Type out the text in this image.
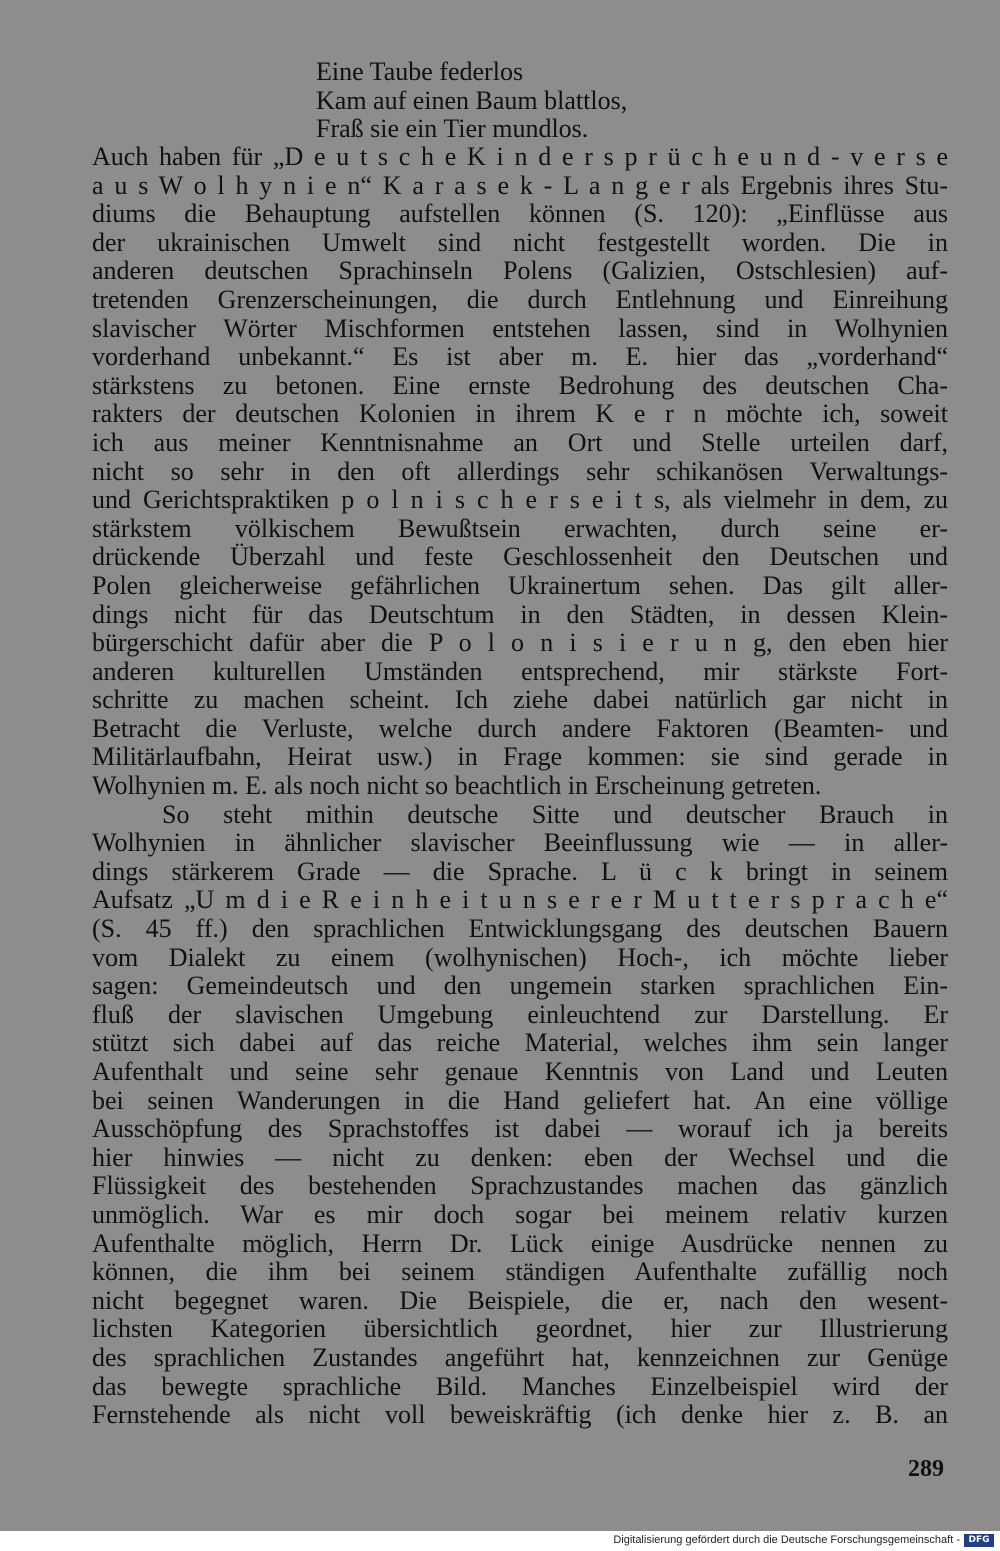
Eine Taube federlos
Kam auf einen Baum blattlos,
Fraß sie ein Tier mundlos.
Auch haben für „D e u t s c h e K i n d e r s p r ü c h e u n d - v e r s e
a u s W o l h y n i e n“ K a r a s e k - L a n g e r als Ergebnis ihres Stu-
diums die Behauptung aufstellen können (S. 120): „Einflüsse aus
der ukrainischen Umwelt sind nicht festgestellt worden. Die in
anderen deutschen Sprachinseln Polens (Galizien, Ostschlesien) auf-
tretenden Grenzerscheinungen, die durch Entlehnung und Einreihung
slavischer Wörter Mischformen entstehen lassen, sind in Wolhynien
vorderhand unbekannt.“ Es ist aber m. E. hier das „vorderhand“
stärkstens zu betonen. Eine ernste Bedrohung des deutschen Cha-
rakters der deutschen Kolonien in ihrem K e r n möchte ich, soweit
ich aus meiner Kenntnisnahme an Ort und Stelle urteilen darf,
nicht so sehr in den oft allerdings sehr schikanösen Verwaltungs-
und Gerichtspraktiken p o l n i s c h e r s e i t s, als vielmehr in dem, zu
stärkstem völkischem Bewußtsein erwachten, durch seine er-
drückende Überzahl und feste Geschlossenheit den Deutschen und
Polen gleicherweise gefährlichen Ukrainertum sehen. Das gilt aller-
dings nicht für das Deutschtum in den Städten, in dessen Klein-
bürgerschicht dafür aber die P o l o n i s i e r u n g, den eben hier
anderen kulturellen Umständen entsprechend, mir stärkste Fort-
schritte zu machen scheint. Ich ziehe dabei natürlich gar nicht in
Betracht die Verluste, welche durch andere Faktoren (Beamten- und
Militärlaufbahn, Heirat usw.) in Frage kommen: sie sind gerade in
Wolhynien m. E. als noch nicht so beachtlich in Erscheinung getreten.
So steht mithin deutsche Sitte und deutscher Brauch in
Wolhynien in ähnlicher slavischer Beeinflussung wie — in aller-
dings stärkerem Grade — die Sprache. L ü c k bringt in seinem
Aufsatz „U m d i e R e i n h e i t u n s e r e r M u t t e r s p r a c h e“
(S. 45 ff.) den sprachlichen Entwicklungsgang des deutschen Bauern
vom Dialekt zu einem (wolhynischen) Hoch-, ich möchte lieber
sagen: Gemeindeutsch und den ungemein starken sprachlichen Ein-
fluß der slavischen Umgebung einleuchtend zur Darstellung. Er
stützt sich dabei auf das reiche Material, welches ihm sein langer
Aufenthalt und seine sehr genaue Kenntnis von Land und Leuten
bei seinen Wanderungen in die Hand geliefert hat. An eine völlige
Ausschöpfung des Sprachstoffes ist dabei — worauf ich ja bereits
hier hinwies — nicht zu denken: eben der Wechsel und die
Flüssigkeit des bestehenden Sprachzustandes machen das gänzlich
unmöglich. War es mir doch sogar bei meinem relativ kurzen
Aufenthalte möglich, Herrn Dr. Lück einige Ausdrücke nennen zu
können, die ihm bei seinem ständigen Aufenthalte zufällig noch
nicht begegnet waren. Die Beispiele, die er, nach den wesent-
lichsten Kategorien übersichtlich geordnet, hier zur Illustrierung
des sprachlichen Zustandes angeführt hat, kennzeichnen zur Genüge
das bewegte sprachliche Bild. Manches Einzelbeispiel wird der
Fernstehende als nicht voll beweiskräftig (ich denke hier z. B. an
289
Digitalisierung gefördert durch die Deutsche Forschungsgemeinschaft - DFG
